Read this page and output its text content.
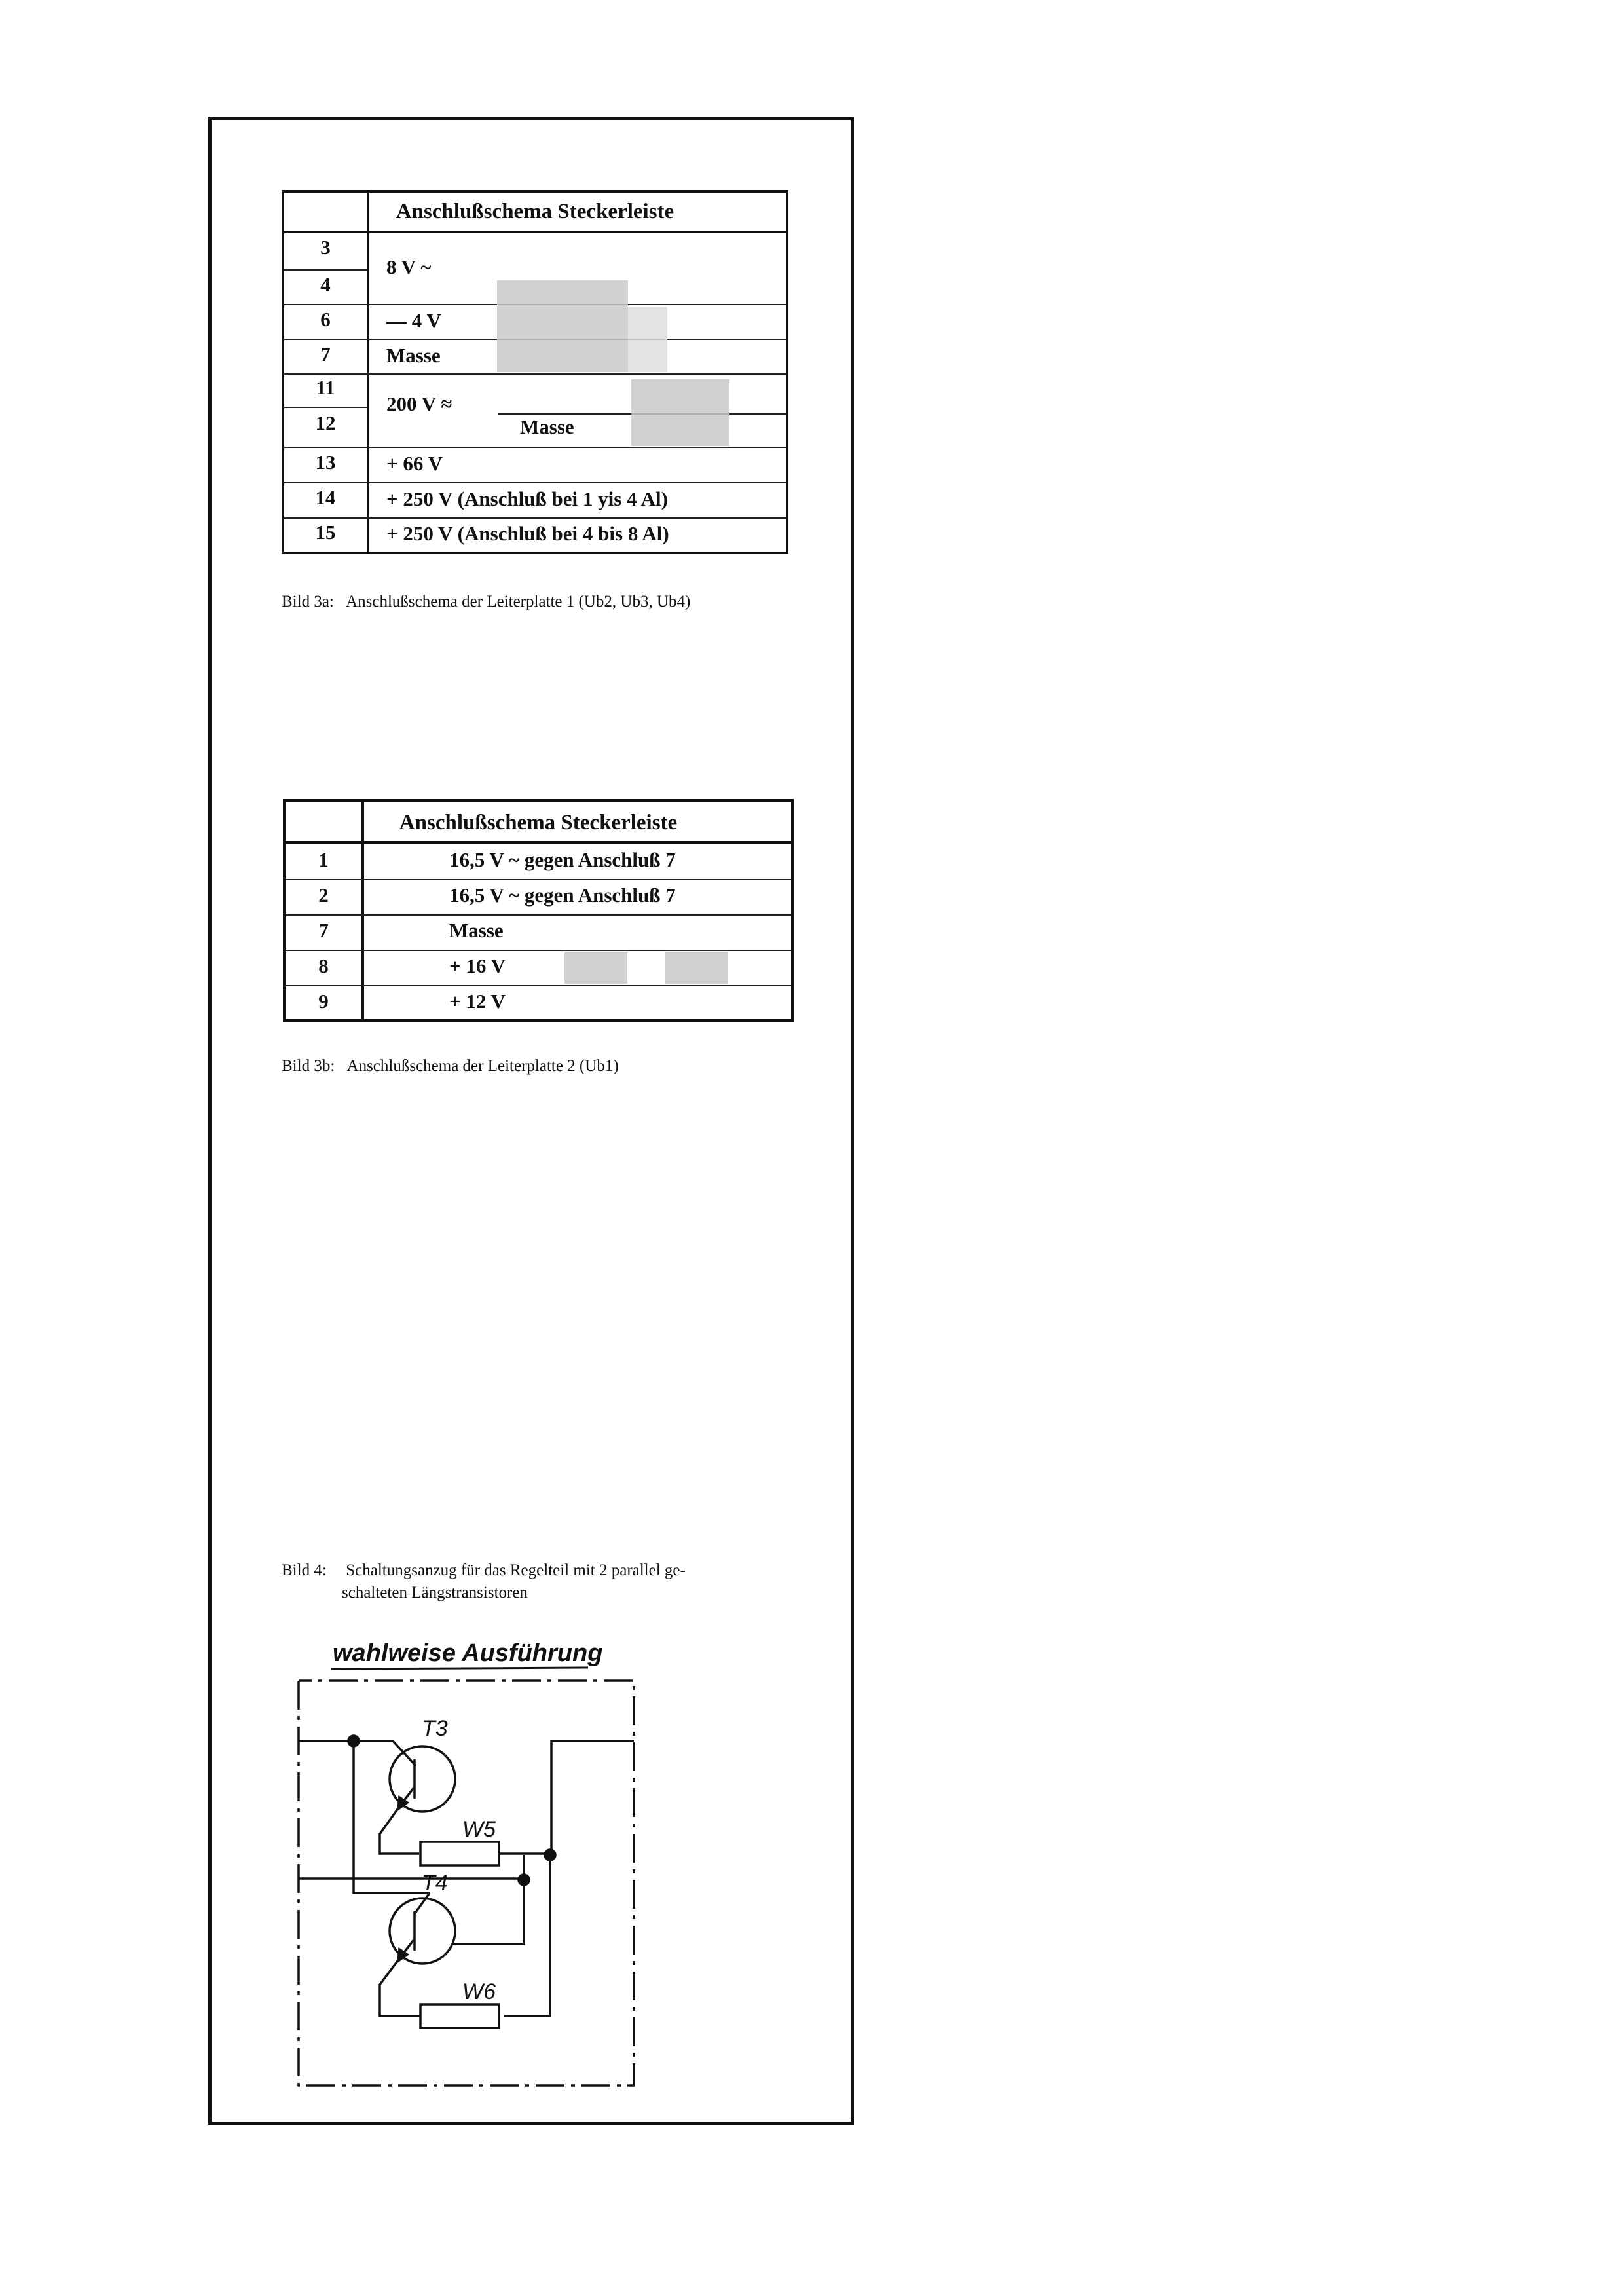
Anschlußschema Steckerleiste
3
4
6
7
11
12
13
14
15
8 V ~
— 4 V
Masse
200 V ≈
Masse
+ 66 V
+ 250 V (Anschluß bei 1 yis 4 Al)
+ 250 V (Anschluß bei 4 bis 8 Al)
Bild 3a: Anschlußschema der Leiterplatte 1 (Ub2, Ub3, Ub4)
Anschlußschema Steckerleiste
1
2
7
8
9
16,5 V ~ gegen Anschluß 7
16,5 V ~ gegen Anschluß 7
Masse
+ 16 V
+ 12 V
Bild 3b: Anschlußschema der Leiterplatte 2 (Ub1)
Bild 4: Schaltungsanzug für das Regelteil mit 2 parallel ge-
schalteten Längstransistoren
wahlweise Ausführung
T3
W5
T4
W6
